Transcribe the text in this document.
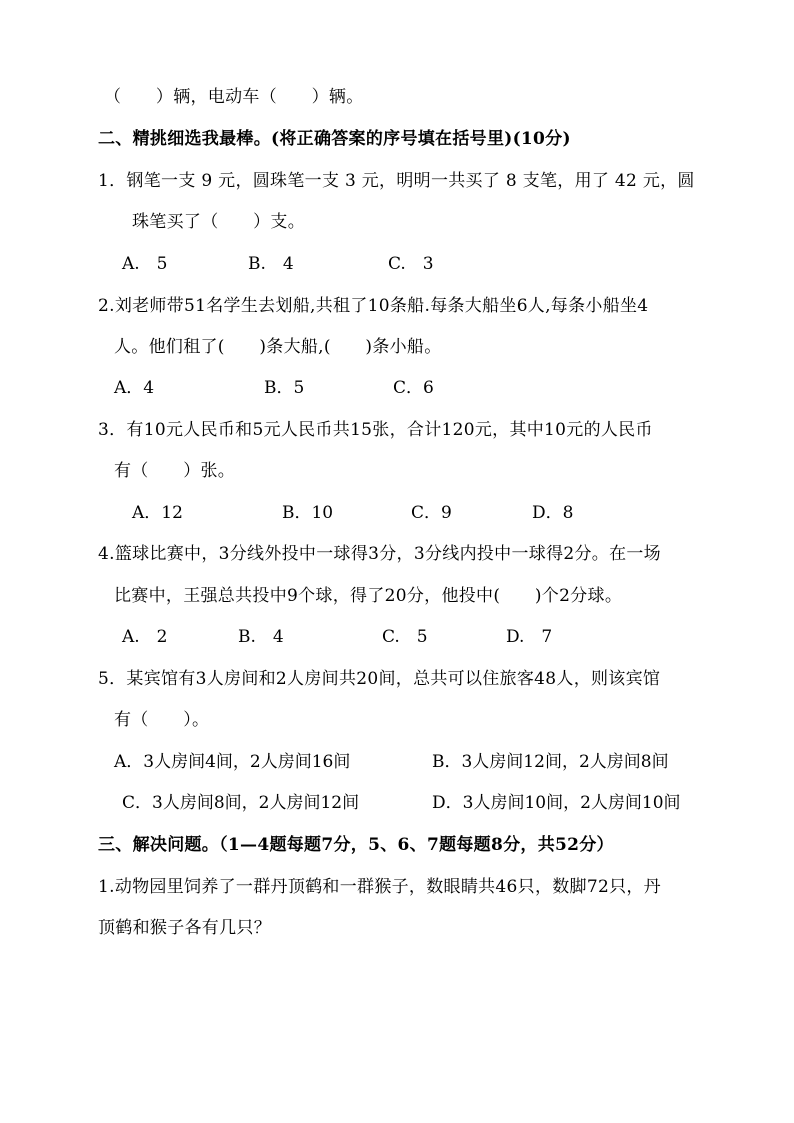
（　　）辆，电动车（　　）辆。
二、精挑细选我最棒。(将正确答案的序号填在括号里)(10分)
1．钢笔一支 9 元，圆珠笔一支 3 元，明明一共买了 8 支笔，用了 42 元，圆
珠笔买了（　　）支。
A.　5	B.　4	C.　3
2.刘老师带51名学生去划船,共租了10条船.每条大船坐6人,每条小船坐4
人。他们租了(　　)条大船,(　　)条小船。
A．4	B．5	C．6
3．有10元人民币和5元人民币共15张，合计120元，其中10元的人民币
有（　　）张。
A．12	B．10	C．9	D．8
4.篮球比赛中，3分线外投中一球得3分，3分线内投中一球得2分。在一场
比赛中，王强总共投中9个球，得了20分，他投中(　　)个2分球。
A.　2	B.　4	C.　5	D.　7
5．某宾馆有3人房间和2人房间共20间，总共可以住旅客48人，则该宾馆
有（　　）。
A．3人房间4间，2人房间16间	B．3人房间12间，2人房间8间
C．3人房间8间，2人房间12间	D．3人房间10间，2人房间10间
三、解决问题。（1—4题每题7分，5、6、7题每题8分，共52分）
1.动物园里饲养了一群丹顶鹤和一群猴子，数眼睛共46只，数脚72只，丹
顶鹤和猴子各有几只？
